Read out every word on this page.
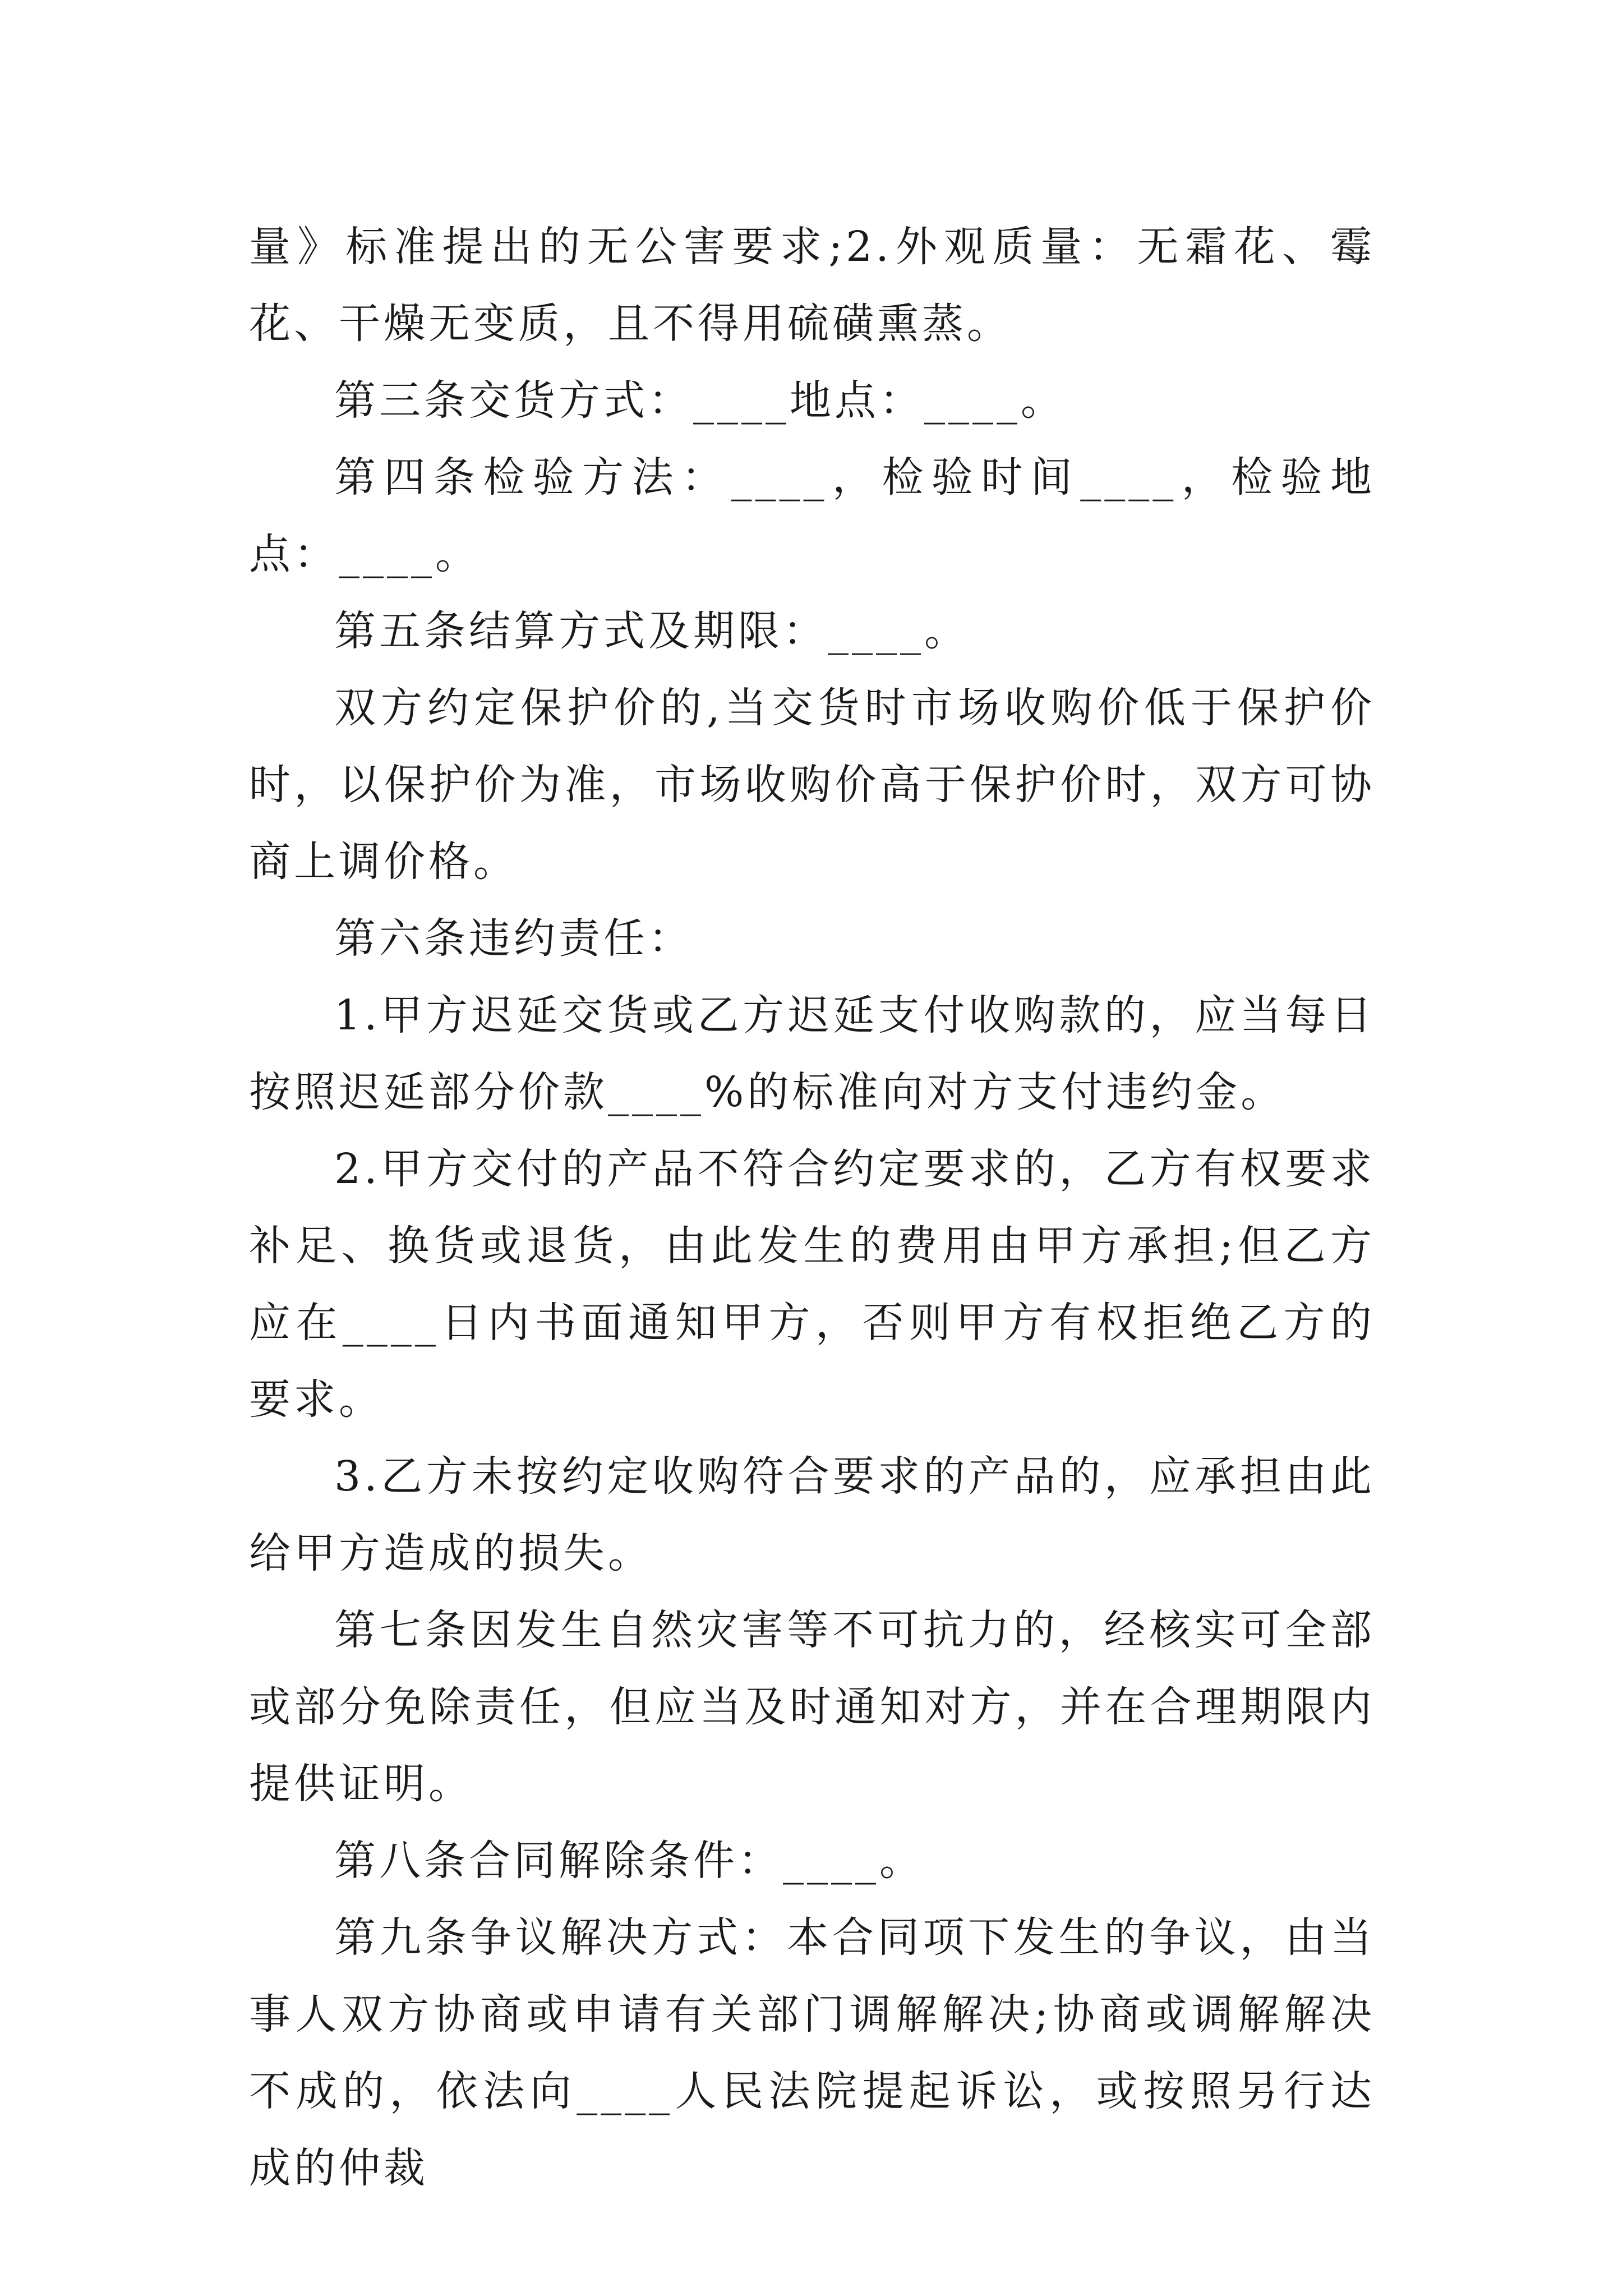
量》标准提出的无公害要求;2.外观质量：无霜花、霉花、干燥无变质，且不得用硫磺熏蒸。

第三条交货方式：____地点：____。

第四条检验方法：____，检验时间____，检验地点：____。

第五条结算方式及期限：____。

双方约定保护价的,当交货时市场收购价低于保护价时，以保护价为准，市场收购价高于保护价时，双方可协商上调价格。

第六条违约责任：

1.甲方迟延交货或乙方迟延支付收购款的，应当每日按照迟延部分价款____%的标准向对方支付违约金。

2.甲方交付的产品不符合约定要求的，乙方有权要求补足、换货或退货，由此发生的费用由甲方承担;但乙方应在____日内书面通知甲方，否则甲方有权拒绝乙方的要求。

3.乙方未按约定收购符合要求的产品的，应承担由此给甲方造成的损失。

第七条因发生自然灾害等不可抗力的，经核实可全部或部分免除责任，但应当及时通知对方，并在合理期限内提供证明。

第八条合同解除条件：____。

第九条争议解决方式：本合同项下发生的争议，由当事人双方协商或申请有关部门调解解决;协商或调解解决不成的，依法向____人民法院提起诉讼，或按照另行达成的仲裁
